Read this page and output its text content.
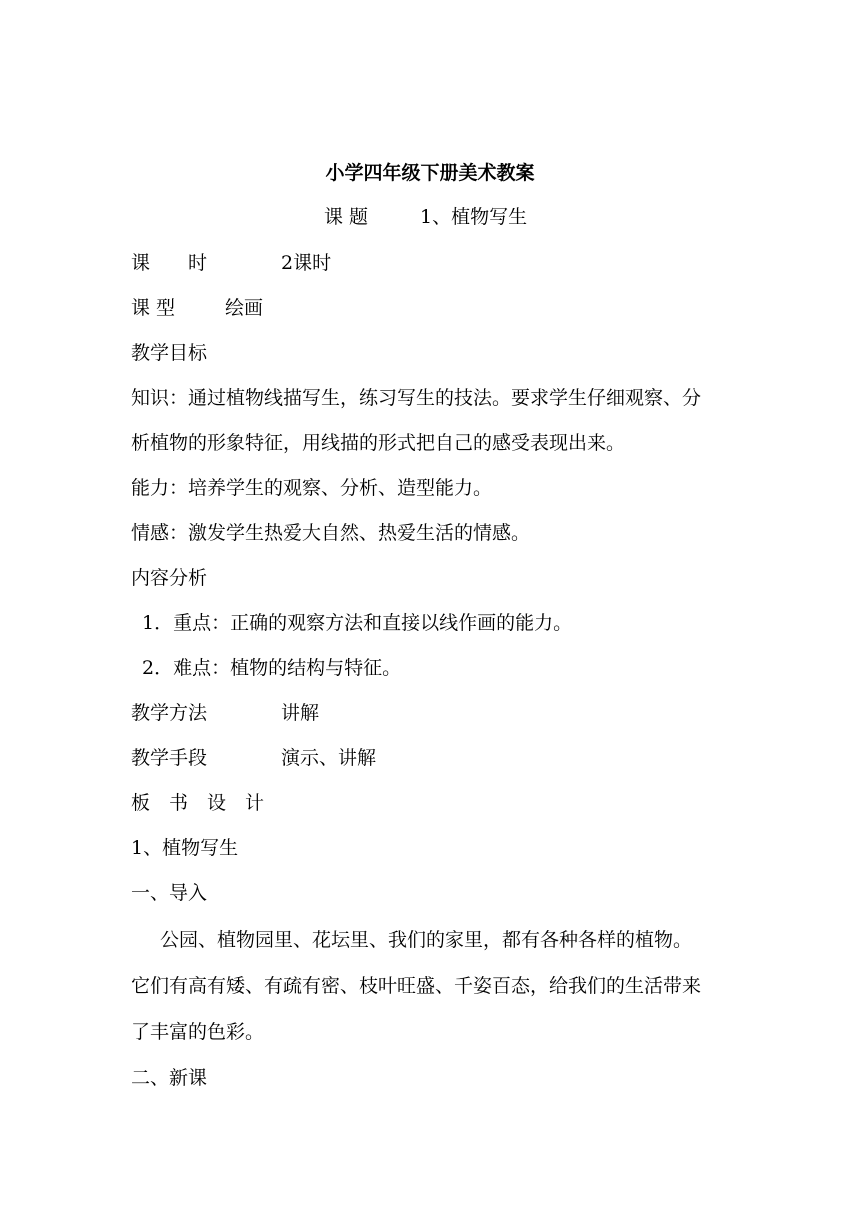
小学四年级下册美术教案
课 题	1、植物写生
课　　时	2课时
课 型	绘画
教学目标
知识：通过植物线描写生，练习写生的技法。要求学生仔细观察、分
析植物的形象特征，用线描的形式把自己的感受表现出来。
能力：培养学生的观察、分析、造型能力。
情感：激发学生热爱大自然、热爱生活的情感。
内容分析
1．重点：正确的观察方法和直接以线作画的能力。
2．难点：植物的结构与特征。
教学方法	讲解
教学手段	演示、讲解
板　书　设　计
1、植物写生
一、导入
　公园、植物园里、花坛里、我们的家里，都有各种各样的植物。
它们有高有矮、有疏有密、枝叶旺盛、千姿百态，给我们的生活带来
了丰富的色彩。
二、新课
